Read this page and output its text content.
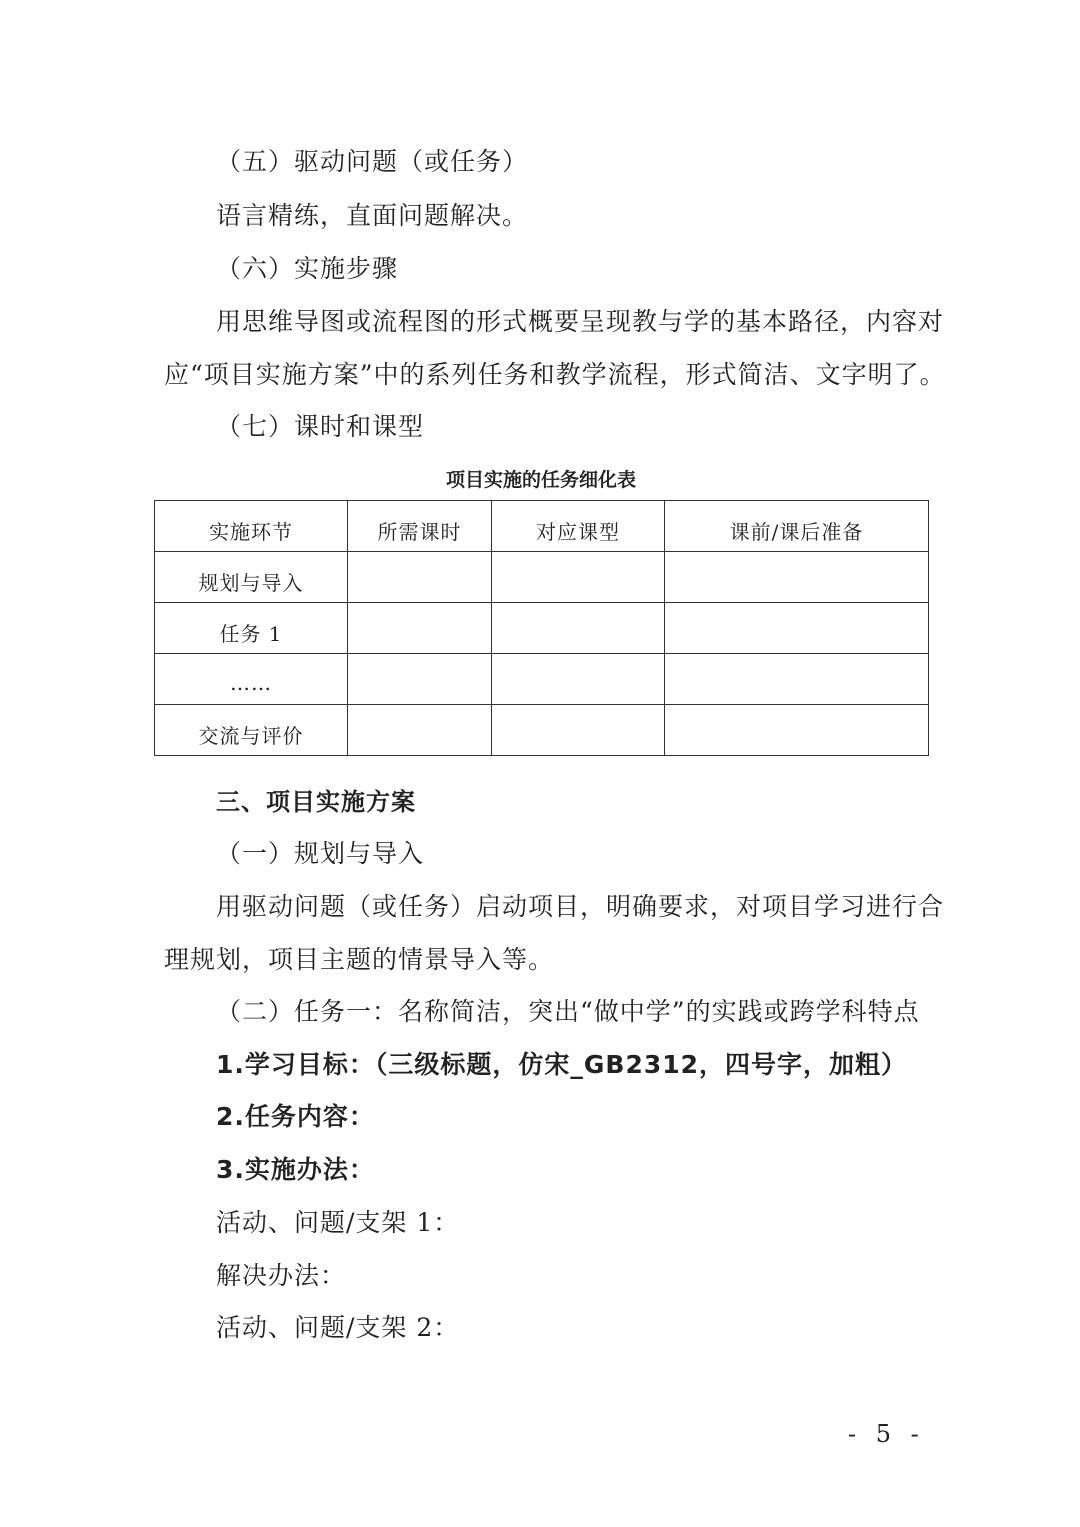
（五）驱动问题（或任务）
语言精练，直面问题解决。
（六）实施步骤
用思维导图或流程图的形式概要呈现教与学的基本路径，内容对
应“项目实施方案”中的系列任务和教学流程，形式简洁、文字明了。
（七）课时和课型
项目实施的任务细化表
实施环节	所需课时	对应课型	课前/课后准备
规划与导入			
任务 1			
……			
交流与评价			
三、项目实施方案
（一）规划与导入
用驱动问题（或任务）启动项目，明确要求，对项目学习进行合
理规划，项目主题的情景导入等。
（二）任务一：名称简洁，突出“做中学”的实践或跨学科特点
1.学习目标：（三级标题，仿宋_GB2312，四号字，加粗）
2.任务内容：
3.实施办法：
活动、问题/支架 1：
解决办法：
活动、问题/支架 2：
- 5 -
